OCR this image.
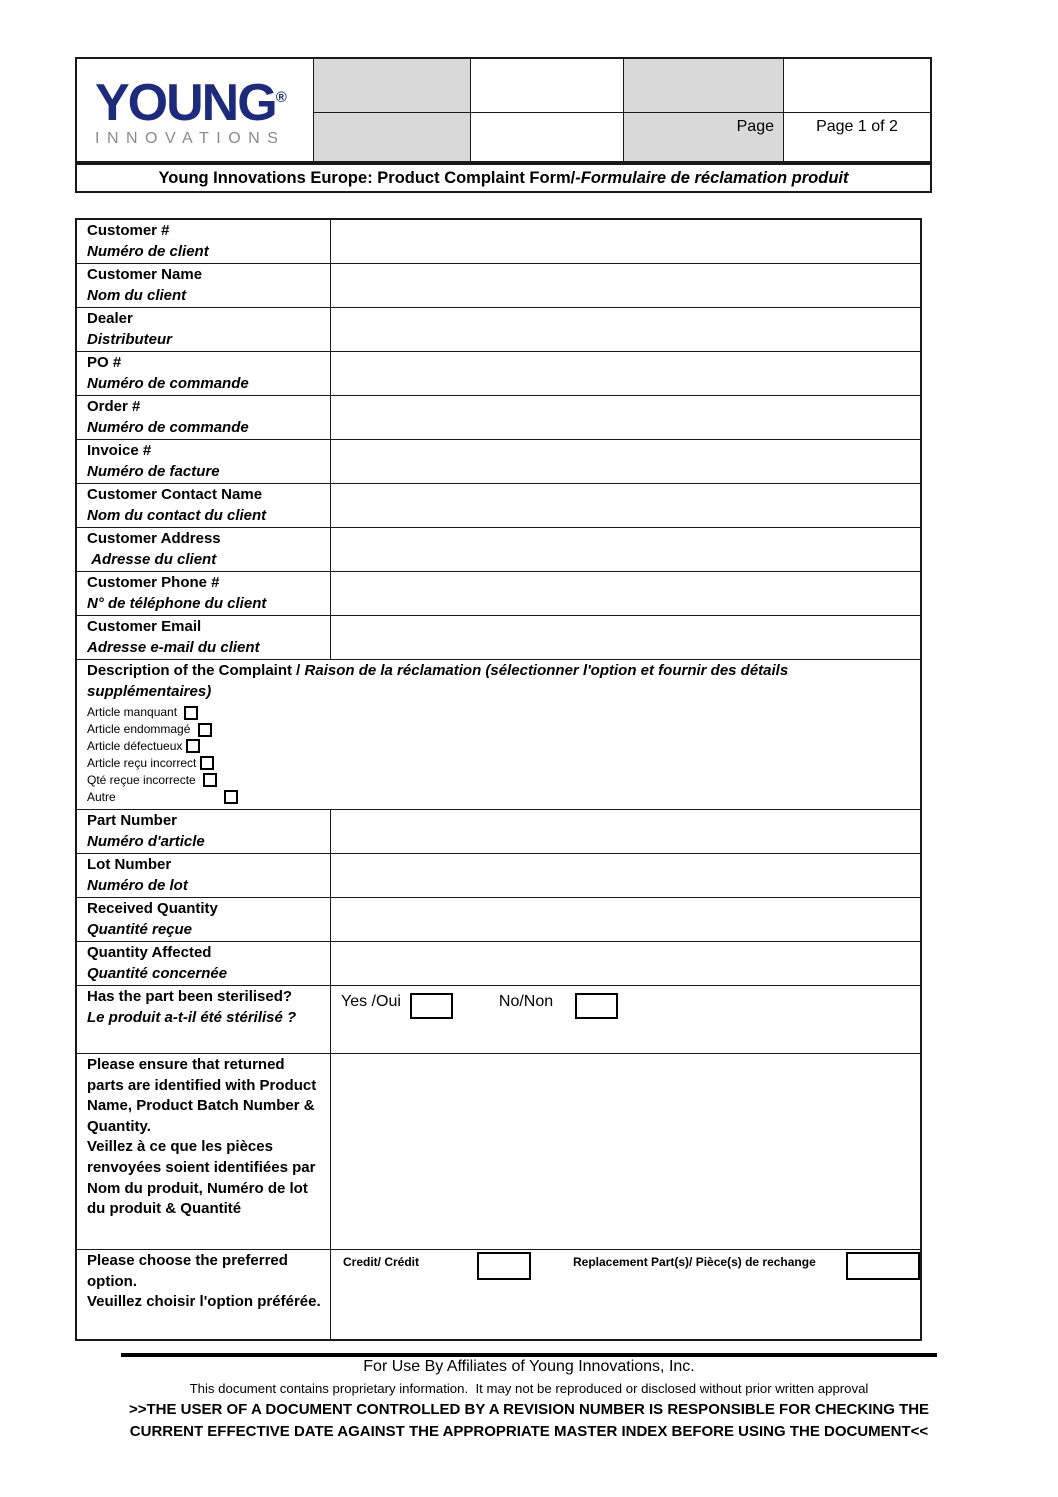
YOUNG®
INNOVATIONS
Page	Page 1 of 2
Young Innovations Europe: Product Complaint Form/-Formulaire de réclamation produit
Customer #
Numéro de client
Customer Name
Nom du client
Dealer
Distributeur
PO #
Numéro de commande
Order #
Numéro de commande
Invoice #
Numéro de facture
Customer Contact Name
Nom du contact du client
Customer Address
Adresse du client
Customer Phone #
N° de téléphone du client
Customer Email
Adresse e-mail du client
Description of the Complaint / Raison de la réclamation (sélectionner l'option et fournir des détails supplémentaires)
Article manquant
Article endommagé
Article défectueux
Article reçu incorrect
Qté reçue incorrecte
Autre
Part Number
Numéro d'article
Lot Number
Numéro de lot
Received Quantity
Quantité reçue
Quantity Affected
Quantité concernée
Has the part been sterilised?
Le produit a-t-il été stérilisé ?
Yes /Oui	No/Non
Please ensure that returned parts are identified with Product Name, Product Batch Number & Quantity.
Veillez à ce que les pièces renvoyées soient identifiées par  Nom du produit, Numéro de lot du produit & Quantité
Please choose the preferred option.
Veuillez choisir l'option préférée.
Credit/ Crédit	Replacement Part(s)/ Pièce(s) de rechange
For Use By Affiliates of Young Innovations, Inc.
This document contains proprietary information.  It may not be reproduced or disclosed without prior written approval
>>THE USER OF A DOCUMENT CONTROLLED BY A REVISION NUMBER IS RESPONSIBLE FOR CHECKING THE CURRENT EFFECTIVE DATE AGAINST THE APPROPRIATE MASTER INDEX BEFORE USING THE DOCUMENT<<
